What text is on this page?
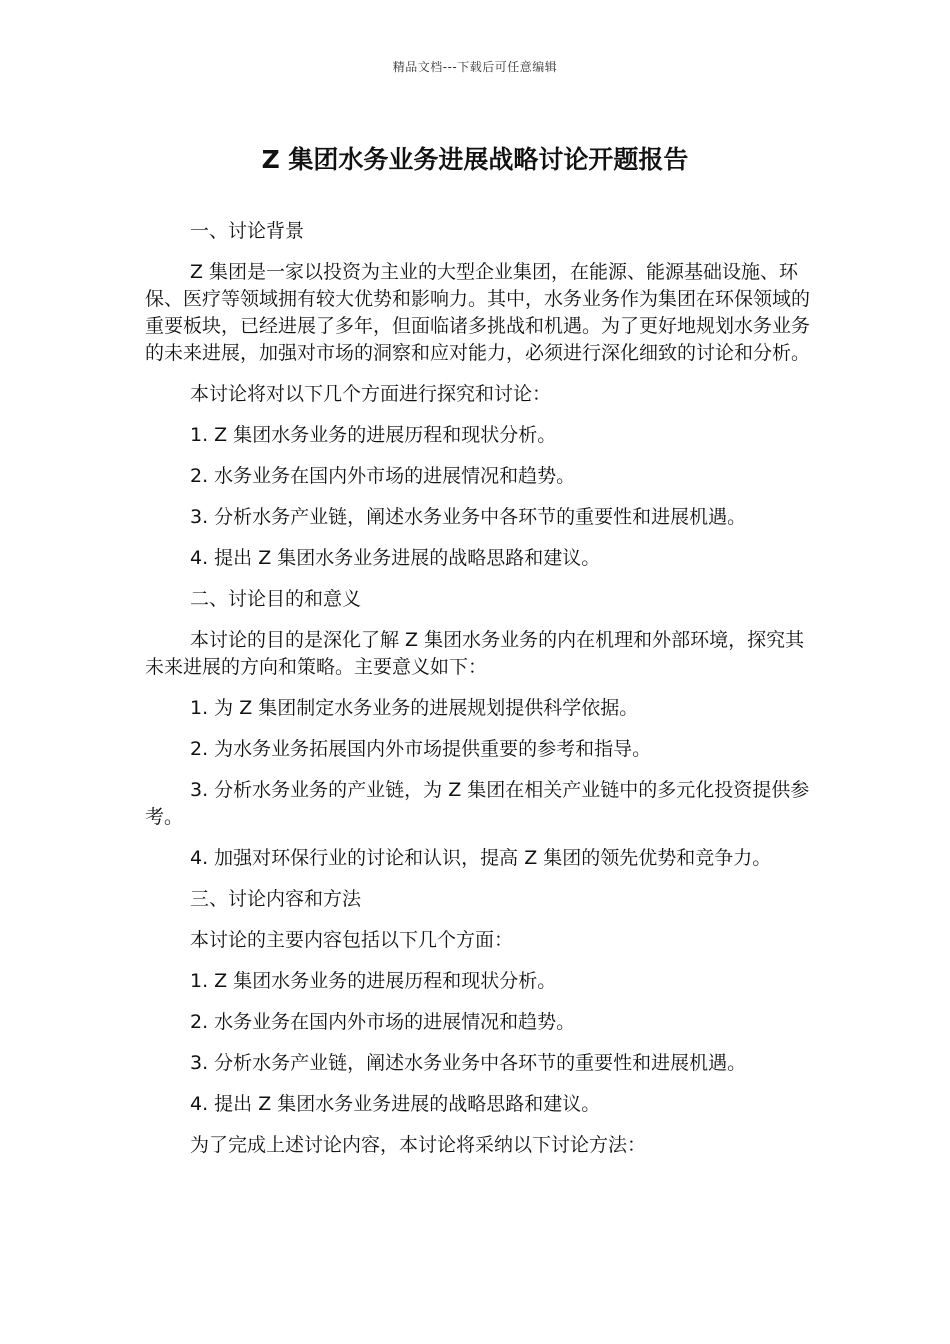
精品文档---下载后可任意编辑
Z 集团水务业务进展战略讨论开题报告

一、讨论背景

Z 集团是一家以投资为主业的大型企业集团，在能源、能源基础设施、环保、医疗等领域拥有较大优势和影响力。其中，水务业务作为集团在环保领域的重要板块，已经进展了多年，但面临诸多挑战和机遇。为了更好地规划水务业务的未来进展，加强对市场的洞察和应对能力，必须进行深化细致的讨论和分析。

本讨论将对以下几个方面进行探究和讨论：

1. Z 集团水务业务的进展历程和现状分析。

2. 水务业务在国内外市场的进展情况和趋势。

3. 分析水务产业链，阐述水务业务中各环节的重要性和进展机遇。

4. 提出 Z 集团水务业务进展的战略思路和建议。

二、讨论目的和意义

本讨论的目的是深化了解 Z 集团水务业务的内在机理和外部环境，探究其未来进展的方向和策略。主要意义如下：

1. 为 Z 集团制定水务业务的进展规划提供科学依据。

2. 为水务业务拓展国内外市场提供重要的参考和指导。

3. 分析水务业务的产业链，为 Z 集团在相关产业链中的多元化投资提供参考。

4. 加强对环保行业的讨论和认识，提高 Z 集团的领先优势和竞争力。

三、讨论内容和方法

本讨论的主要内容包括以下几个方面：

1. Z 集团水务业务的进展历程和现状分析。

2. 水务业务在国内外市场的进展情况和趋势。

3. 分析水务产业链，阐述水务业务中各环节的重要性和进展机遇。

4. 提出 Z 集团水务业务进展的战略思路和建议。

为了完成上述讨论内容，本讨论将采纳以下讨论方法：
